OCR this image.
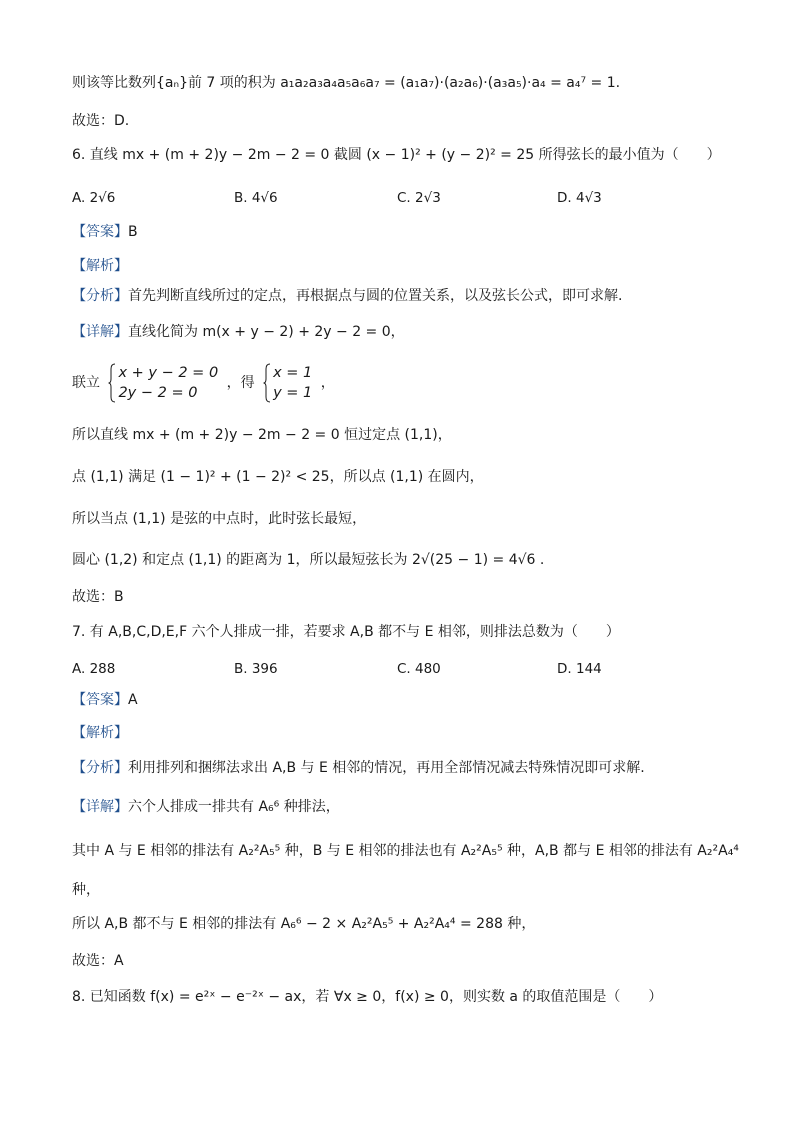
则该等比数列{aₙ}前 7 项的积为 a₁a₂a₃a₄a₅a₆a₇ = (a₁a₇)·(a₂a₆)·(a₃a₅)·a₄ = a₄⁷ = 1.
故选：D.
6. 直线 mx + (m + 2)y − 2m − 2 = 0 截圆 (x − 1)² + (y − 2)² = 25 所得弦长的最小值为（　　）
A. 2√6	B. 4√6	C. 2√3	D. 4√3
【答案】B
【解析】
【分析】首先判断直线所过的定点，再根据点与圆的位置关系，以及弦长公式，即可求解.
【详解】直线化简为 m(x + y − 2) + 2y − 2 = 0，
联立
x + y − 2 = 0
2y − 2 = 0
，得
x = 1
y = 1
，
所以直线 mx + (m + 2)y − 2m − 2 = 0 恒过定点 (1,1)，
点 (1,1) 满足 (1 − 1)² + (1 − 2)² < 25，所以点 (1,1) 在圆内，
所以当点 (1,1) 是弦的中点时，此时弦长最短，
圆心 (1,2) 和定点 (1,1) 的距离为 1，所以最短弦长为 2√(25 − 1) = 4√6 .
故选：B
7. 有 A,B,C,D,E,F 六个人排成一排，若要求 A,B 都不与 E 相邻，则排法总数为（　　）
A. 288	B. 396	C. 480	D. 144
【答案】A
【解析】
【分析】利用排列和捆绑法求出 A,B 与 E 相邻的情况，再用全部情况减去特殊情况即可求解.
【详解】六个人排成一排共有 A₆⁶ 种排法，
其中 A 与 E 相邻的排法有 A₂²A₅⁵ 种，B 与 E 相邻的排法也有 A₂²A₅⁵ 种，A,B 都与 E 相邻的排法有 A₂²A₄⁴
种，
所以 A,B 都不与 E 相邻的排法有 A₆⁶ − 2 × A₂²A₅⁵ + A₂²A₄⁴ = 288 种，
故选：A
8. 已知函数 f(x) = e²ˣ − e⁻²ˣ − ax，若 ∀x ≥ 0，f(x) ≥ 0，则实数 a 的取值范围是（　　）
